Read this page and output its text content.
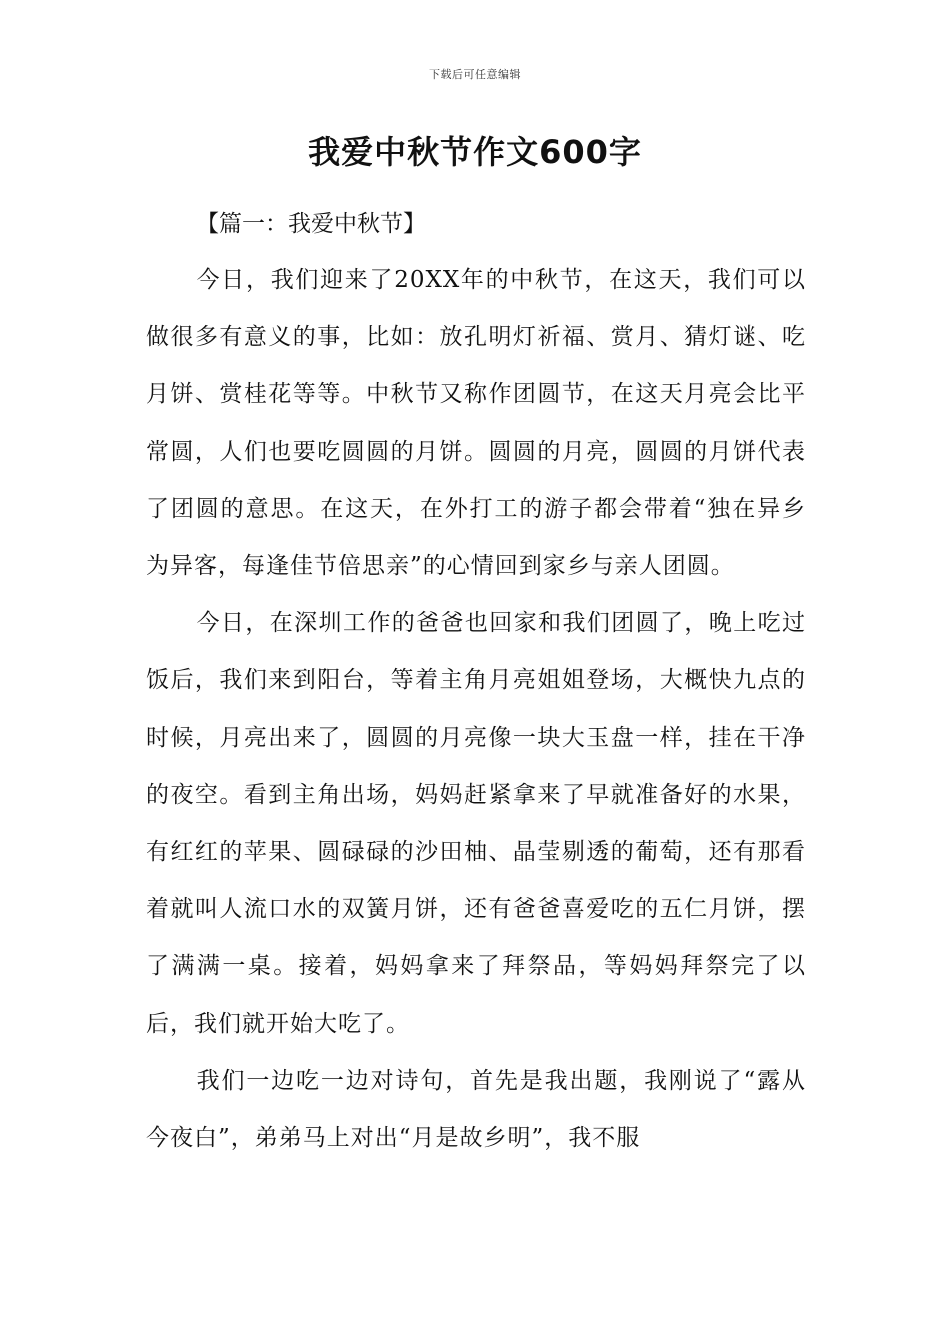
下载后可任意编辑
我爱中秋节作文600字

【篇一：我爱中秋节】

今日，我们迎来了20XX年的中秋节，在这天，我们可以做很多有意义的事，比如：放孔明灯祈福、赏月、猜灯谜、吃月饼、赏桂花等等。中秋节又称作团圆节，在这天月亮会比平常圆，人们也要吃圆圆的月饼。圆圆的月亮，圆圆的月饼代表了团圆的意思。在这天，在外打工的游子都会带着“独在异乡为异客，每逢佳节倍思亲”的心情回到家乡与亲人团圆。

今日，在深圳工作的爸爸也回家和我们团圆了，晚上吃过饭后，我们来到阳台，等着主角月亮姐姐登场，大概快九点的时候，月亮出来了，圆圆的月亮像一块大玉盘一样，挂在干净的夜空。看到主角出场，妈妈赶紧拿来了早就准备好的水果，有红红的苹果、圆碌碌的沙田柚、晶莹剔透的葡萄，还有那看着就叫人流口水的双簧月饼，还有爸爸喜爱吃的五仁月饼，摆了满满一桌。接着，妈妈拿来了拜祭品，等妈妈拜祭完了以后，我们就开始大吃了。

我们一边吃一边对诗句，首先是我出题，我刚说了“露从今夜白”，弟弟马上对出“月是故乡明”，我不服
